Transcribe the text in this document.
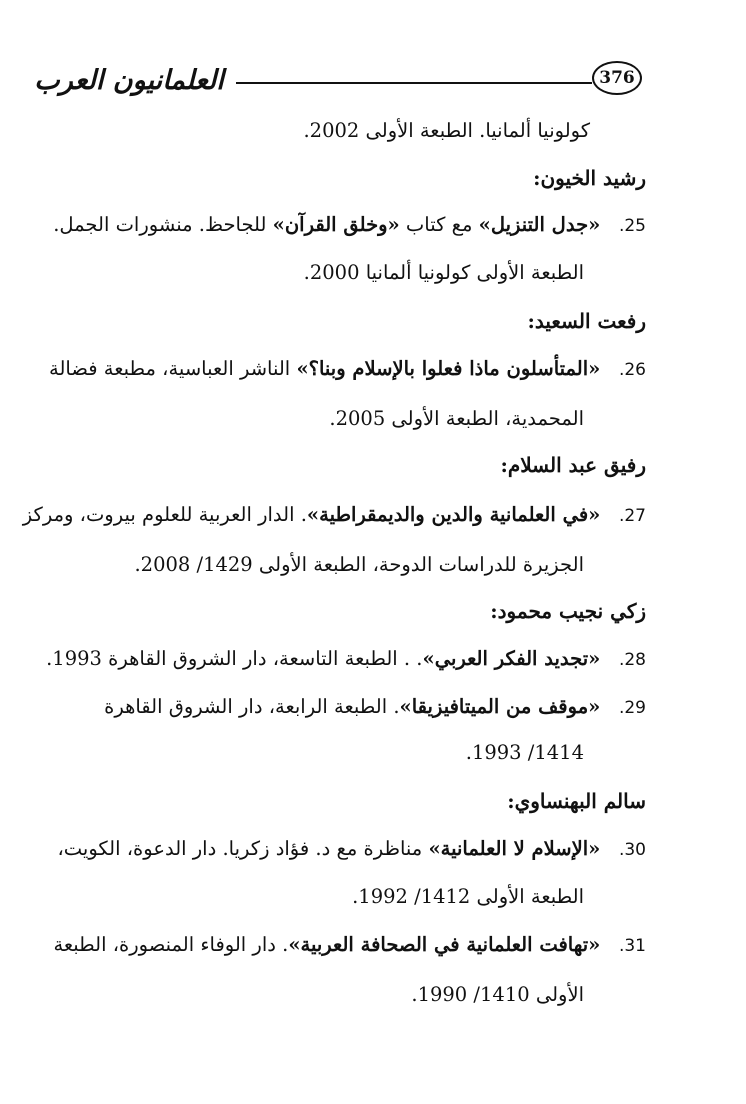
376
العلمانيون العرب
كولونيا ألمانيا. الطبعة الأولى 2002.
رشيد الخيون:
25.   «جدل التنزيل» مع كتاب «وخلق القرآن» للجاحظ. منشورات الجمل.
الطبعة الأولى كولونيا ألمانيا 2000.
رفعت السعيد:
26.   «المتأسلون ماذا فعلوا بالإسلام وبنا؟» الناشر العباسية، مطبعة فضالة
المحمدية، الطبعة الأولى 2005.
رفيق عبد السلام:
27.   «في العلمانية والدين والديمقراطية». الدار العربية للعلوم بيروت، ومركز
الجزيرة للدراسات الدوحة، الطبعة الأولى 1429/ 2008.
زكي نجيب محمود:
28.   «تجديد الفكر العربي». . الطبعة التاسعة، دار الشروق القاهرة 1993.
29.   «موقف من الميتافيزيقا». الطبعة الرابعة، دار الشروق القاهرة
1414/ 1993.
سالم البهنساوي:
30.   «الإسلام لا العلمانية» مناظرة مع د. فؤاد زكريا. دار الدعوة، الكويت،
الطبعة الأولى 1412/ 1992.
31.   «تهافت العلمانية في الصحافة العربية». دار الوفاء المنصورة، الطبعة
الأولى 1410/ 1990.
